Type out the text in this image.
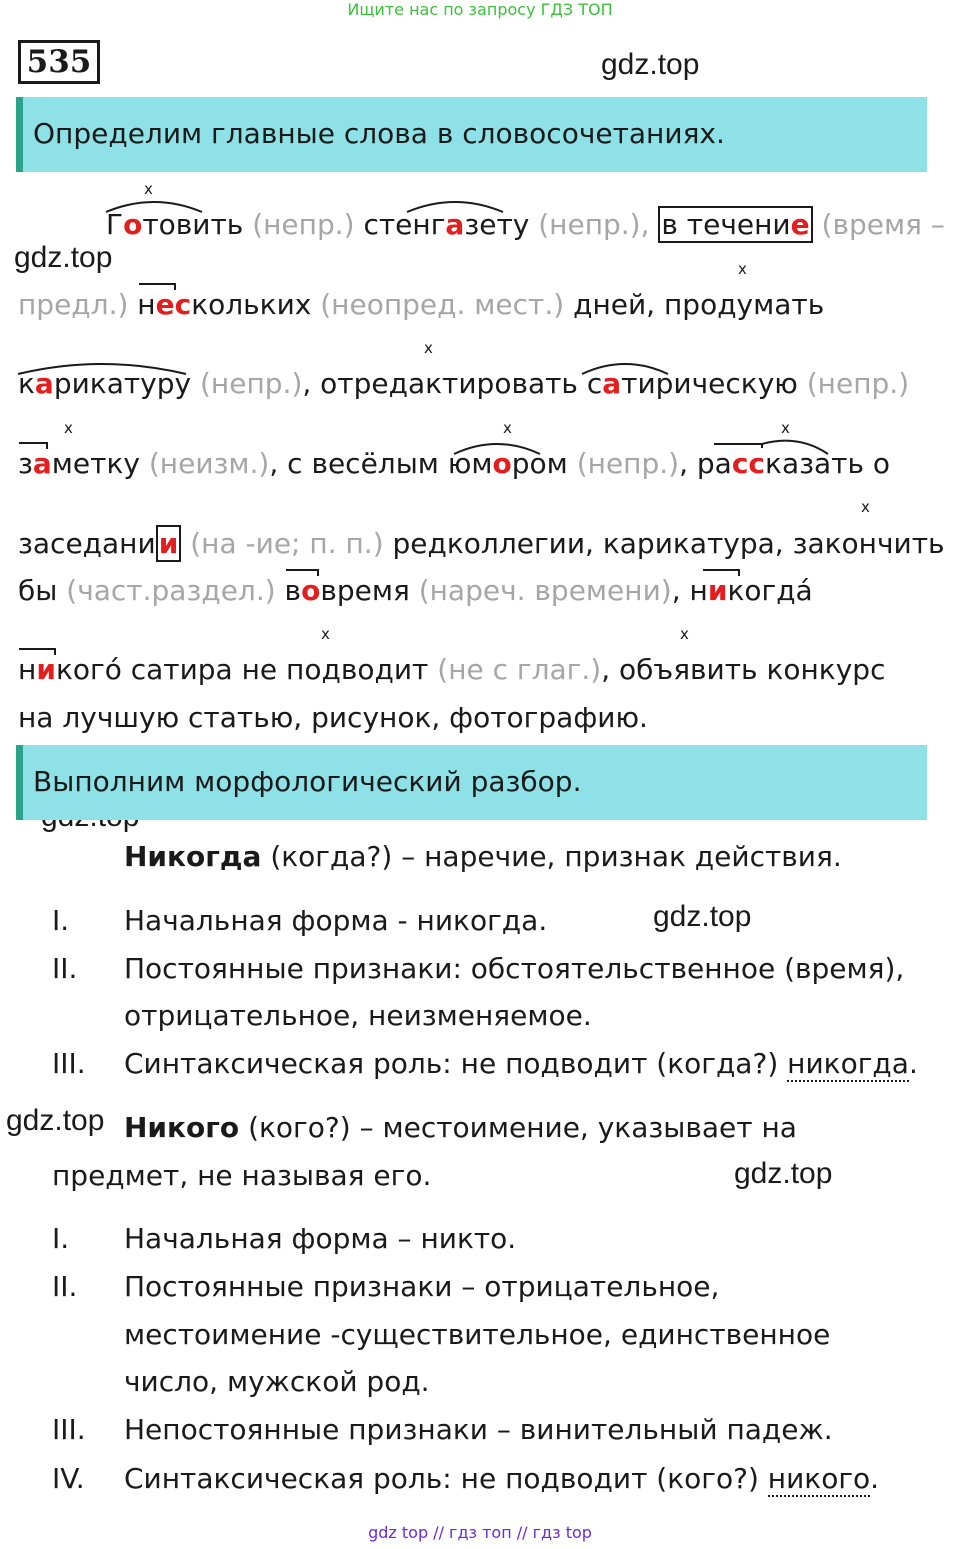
Ищите нас по запросу ГДЗ ТОП
535	gdz.top
gdz.top
gdz.top
gdz.top
gdz.top
Определим главные слова в словосочетаниях.
Готовить (непр.) стенгазету (непр.), в течение (время –
x
предл.) нескольких (неопред. мест.) дней, продумать
x
карикатуру (непр.), отредактировать сатирическую (непр.)
x
заметку (неизм.), с весёлым юмором (непр.), рассказать о
x	x	x
x
заседани и (на -ие; п. п.) редколлегии, карикатура, закончить
бы (част.раздел.) вовремя (нареч. времени), никогда́
x	x
никого́ сатира не подводит (не с глаг.), объявить конкурс
на лучшую статью, рисунок, фотографию.
Выполним морфологический разбор.
Никогда (когда?) – наречие, признак действия.
I. Начальная форма - никогда.
II. Постоянные признаки: обстоятельственное (время),
отрицательное, неизменяемое.
III. Синтаксическая роль: не подводит (когда?) никогда.
Никого (кого?) – местоимение, указывает на
предмет, не называя его.
I. Начальная форма – никто.
II. Постоянные признаки – отрицательное,
местоимение -существительное, единственное
число, мужской род.
III. Непостоянные признаки – винительный падеж.
IV. Синтаксическая роль: не подводит (кого?) никого.
gdz top // гдз топ // гдз top
